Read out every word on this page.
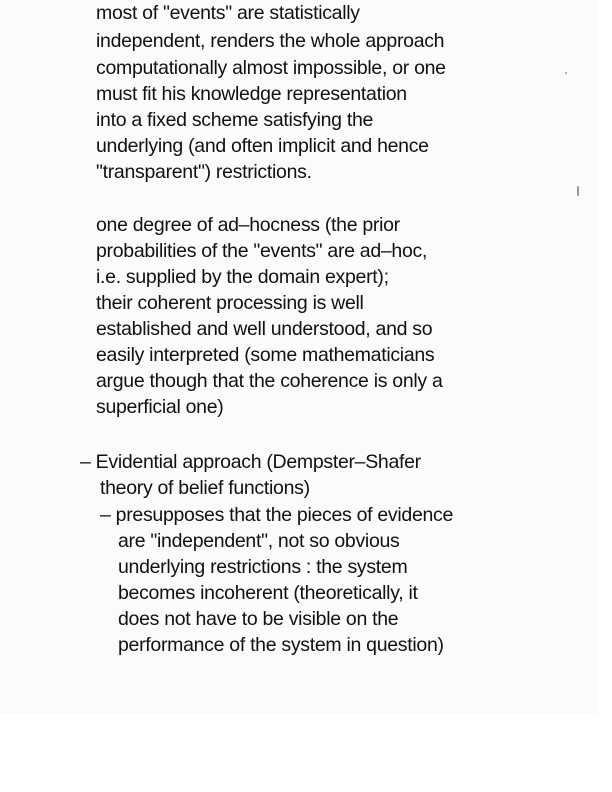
most of "events" are statistically
independent, renders the whole approach
computationally almost impossible, or one
must fit his knowledge representation
into a fixed scheme satisfying the
underlying (and often implicit and hence
"transparent") restrictions.
one degree of ad–hocness (the prior
probabilities of the "events" are ad–hoc,
i.e. supplied by the domain expert);
their coherent processing is well
established and well understood, and so
easily interpreted (some mathematicians
argue though that the coherence is only a
superficial one)
– Evidential approach (Dempster–Shafer
theory of belief functions)
– presupposes that the pieces of evidence
are "independent", not so obvious
underlying restrictions : the system
becomes incoherent (theoretically, it
does not have to be visible on the
performance of the system in question)
